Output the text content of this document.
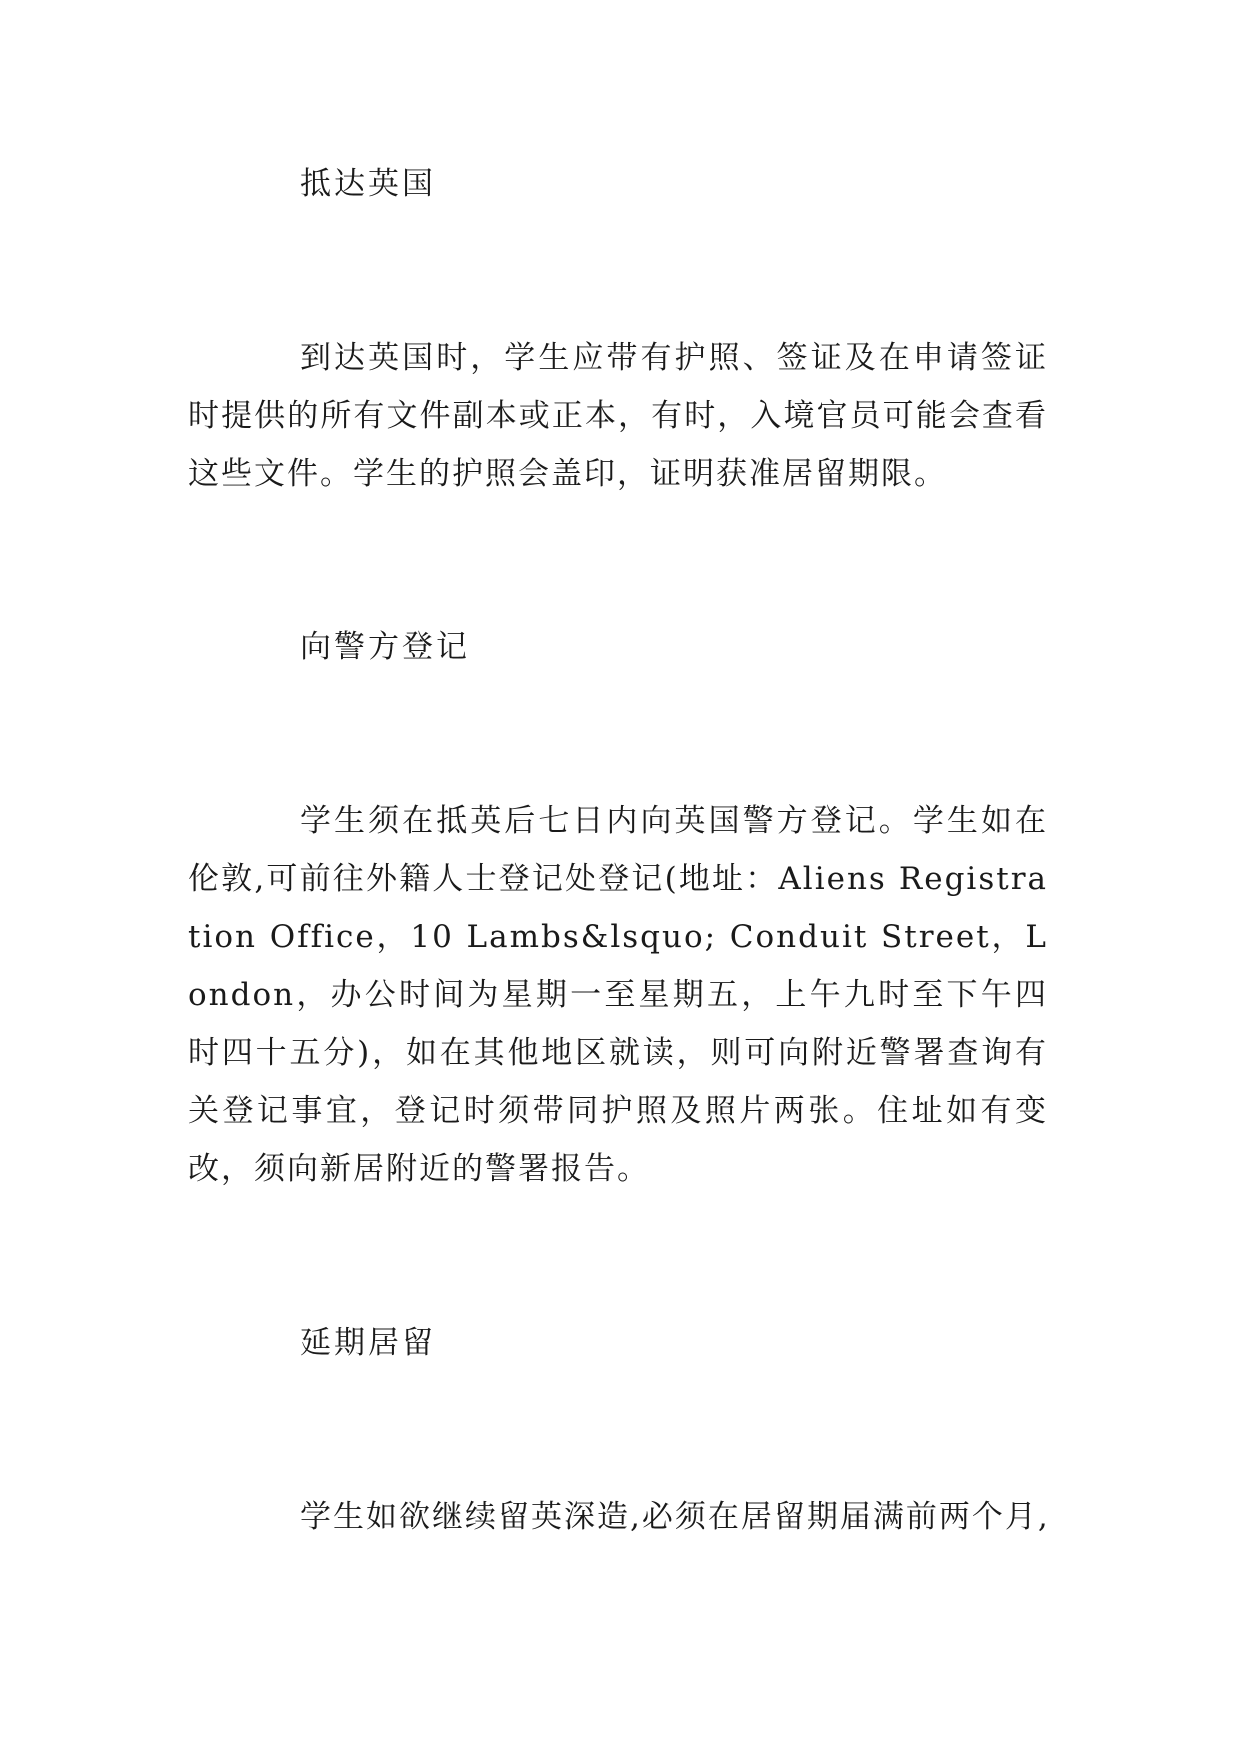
抵达英国
到达英国时，学生应带有护照、签证及在申请签证时提供的所有文件副本或正本，有时，入境官员可能会查看这些文件。学生的护照会盖印，证明获准居留期限。
向警方登记
学生须在抵英后七日内向英国警方登记。学生如在伦敦,可前往外籍人士登记处登记(地址：Aliens Registration Office，10 Lambs&lsquo; Conduit Street，London，办公时间为星期一至星期五，上午九时至下午四时四十五分)，如在其他地区就读，则可向附近警署查询有关登记事宜，登记时须带同护照及照片两张。住址如有变改，须向新居附近的警署报告。
延期居留
学生如欲继续留英深造,必须在居留期届满前两个月,
